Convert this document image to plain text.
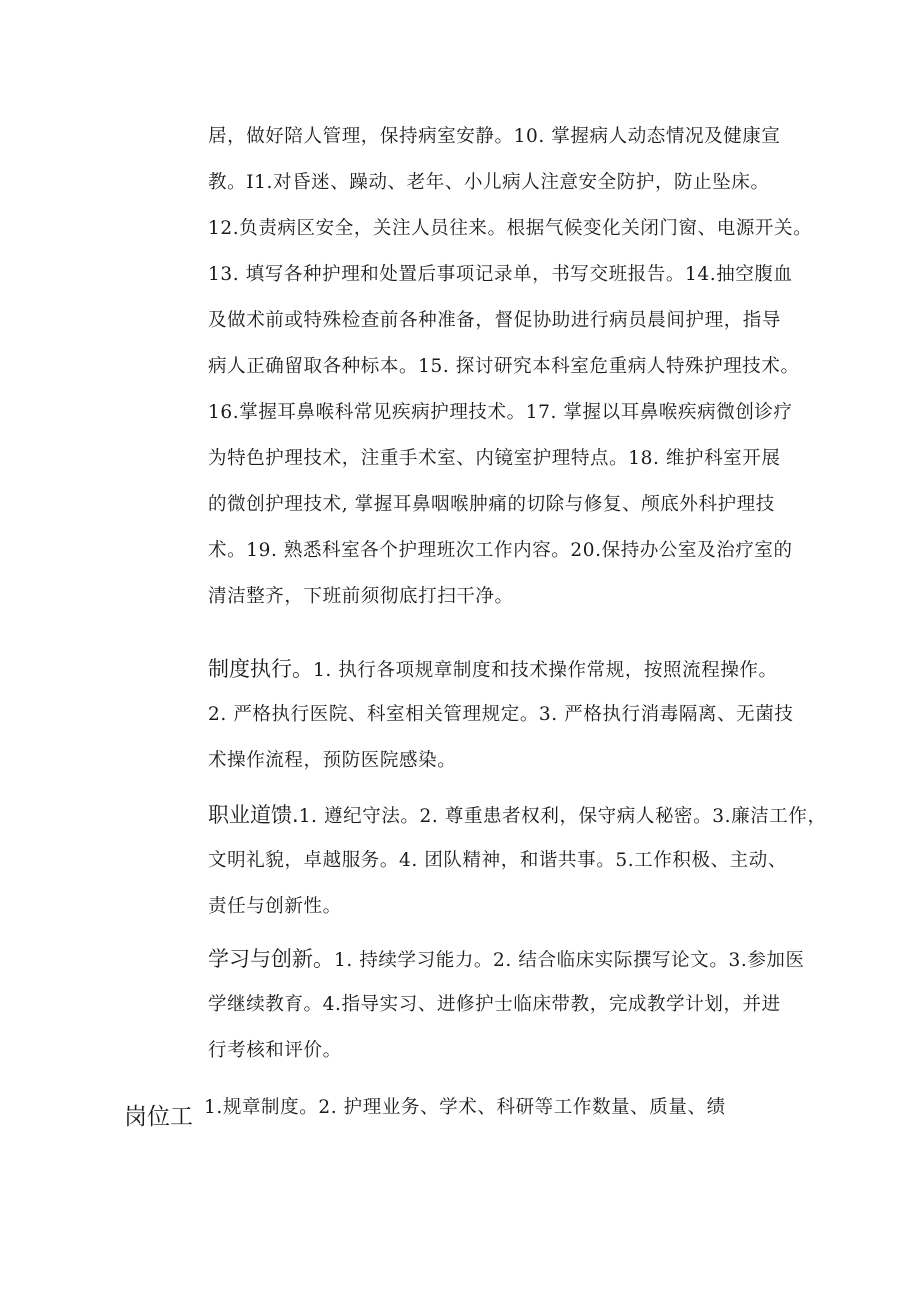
居，做好陪人管理，保持病室安静。10. 掌握病人动态情况及健康宣
教。I1.对昏迷、躁动、老年、小儿病人注意安全防护，防止坠床。
12.负责病区安全，关注人员往来。根据气候变化关闭门窗、电源开关。
13. 填写各种护理和处置后事项记录单，书写交班报告。14.抽空腹血
及做术前或特殊检查前各种准备，督促协助进行病员晨间护理，指导
病人正确留取各种标本。15. 探讨研究本科室危重病人特殊护理技术。
16.掌握耳鼻喉科常见疾病护理技术。17. 掌握以耳鼻喉疾病微创诊疗
为特色护理技术，注重手术室、内镜室护理特点。18. 维护科室开展
的微创护理技术, 掌握耳鼻咽喉肿痛的切除与修复、颅底外科护理技
术。19. 熟悉科室各个护理班次工作内容。20.保持办公室及治疗室的
清洁整齐，下班前须彻底打扫干净。
制度执行。1. 执行各项规章制度和技术操作常规，按照流程操作。
2. 严格执行医院、科室相关管理规定。3. 严格执行消毒隔离、无菌技
术操作流程，预防医院感染。
职业道馈.1. 遵纪守法。2. 尊重患者权利，保守病人秘密。3.廉洁工作，
文明礼貌，卓越服务。4. 团队精神，和谐共事。5.工作积极、主动、
责任与创新性。
学习与创新。1. 持续学习能力。2. 结合临床实际撰写论文。3.参加医
学继续教育。4.指导实习、进修护士临床带教，完成教学计划，并进
行考核和评价。
岗位工 1.规章制度。2. 护理业务、学术、科研等工作数量、质量、绩
